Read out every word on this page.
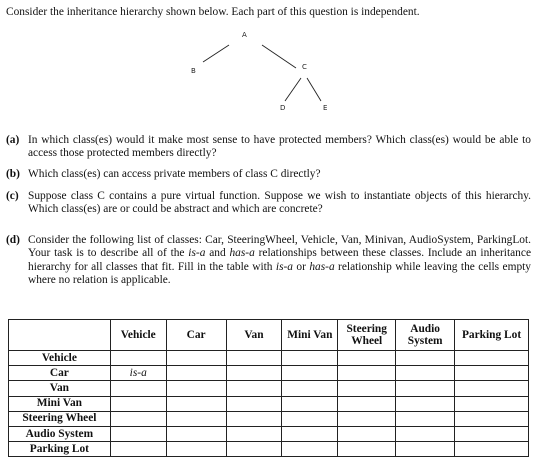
Consider the inheritance hierarchy shown below. Each part of this question is independent.
A
B	C
D	E
(a) In which class(es) would it make most sense to have protected members? Which class(es) would be able to access those protected members directly?
(b) Which class(es) can access private members of class C directly?
(c) Suppose class C contains a pure virtual function. Suppose we wish to instantiate objects of this hierarchy. Which class(es) are or could be abstract and which are concrete?
(d) Consider the following list of classes: Car, SteeringWheel, Vehicle, Van, Minivan, AudioSystem, ParkingLot. Your task is to describe all of the is-a and has-a relationships between these classes. Include an inheritance hierarchy for all classes that fit. Fill in the table with is-a or has-a relationship while leaving the cells empty where no relation is applicable.
	Vehicle	Car	Van	Mini Van	Steering Wheel	Audio System	Parking Lot
Vehicle							
Car	is-a						
Van							
Mini Van							
Steering Wheel							
Audio System							
Parking Lot							
